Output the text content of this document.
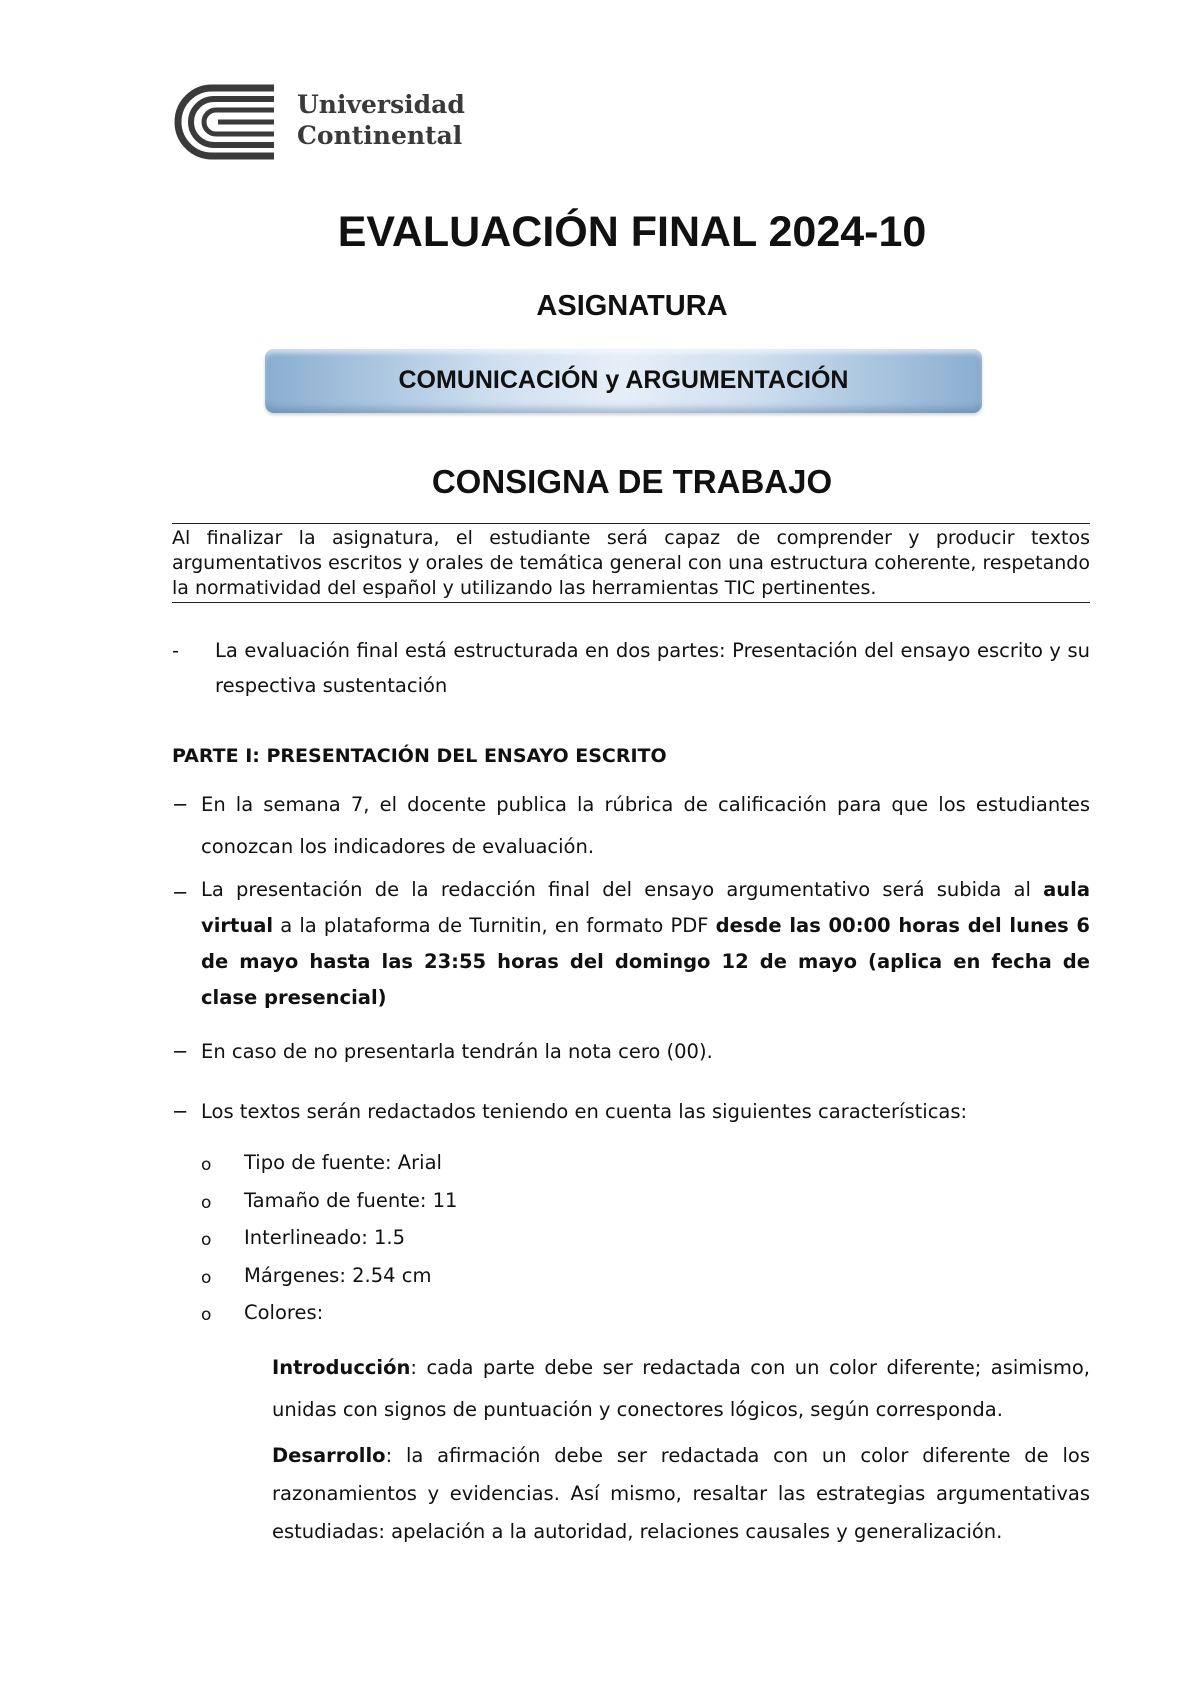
Universidad
Continental
EVALUACIÓN FINAL 2024-10
ASIGNATURA
COMUNICACIÓN y ARGUMENTACIÓN
CONSIGNA DE TRABAJO
Al finalizar la asignatura, el estudiante será capaz de comprender y producir textos argumentativos escritos y orales de temática general con una estructura coherente, respetando la normatividad del español y utilizando las herramientas TIC pertinentes.
- La evaluación final está estructurada en dos partes: Presentación del ensayo escrito y su respectiva sustentación
PARTE I: PRESENTACIÓN DEL ENSAYO ESCRITO
− En la semana 7, el docente publica la rúbrica de calificación para que los estudiantes conozcan los indicadores de evaluación.
− La presentación de la redacción final del ensayo argumentativo será subida al aula virtual a la plataforma de Turnitin, en formato PDF desde las 00:00 horas del lunes 6 de mayo hasta las 23:55 horas del domingo 12 de mayo (aplica en fecha de clase presencial)
− En caso de no presentarla tendrán la nota cero (00).
− Los textos serán redactados teniendo en cuenta las siguientes características:
o Tipo de fuente: Arial
o Tamaño de fuente: 11
o Interlineado: 1.5
o Márgenes: 2.54 cm
o Colores:
Introducción: cada parte debe ser redactada con un color diferente; asimismo, unidas con signos de puntuación y conectores lógicos, según corresponda.
Desarrollo: la afirmación debe ser redactada con un color diferente de los razonamientos y evidencias. Así mismo, resaltar las estrategias argumentativas estudiadas: apelación a la autoridad, relaciones causales y generalización.
